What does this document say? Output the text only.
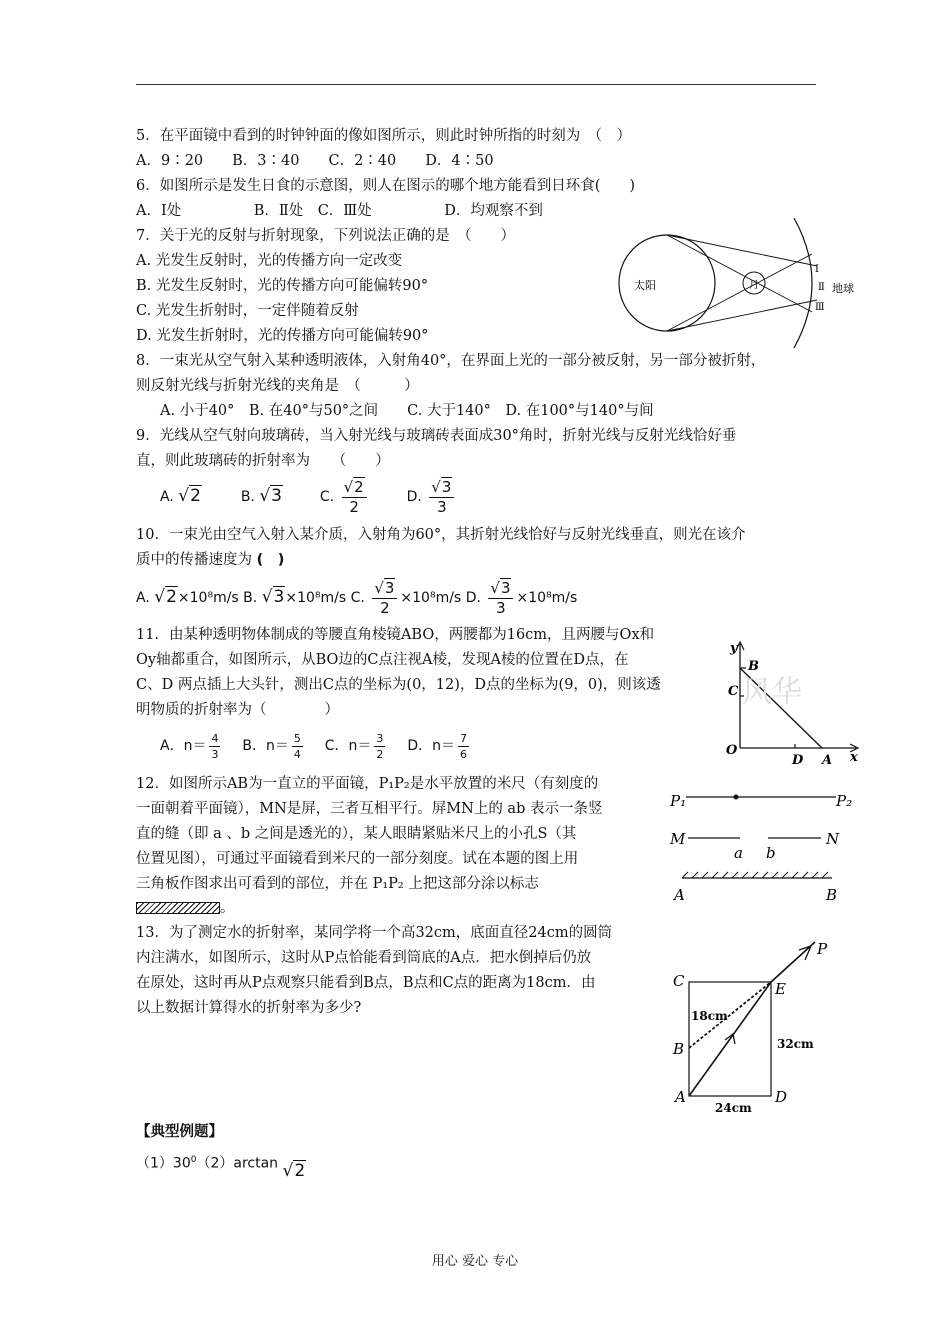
5．在平面镜中看到的时钟钟面的像如图所示，则此时钟所指的时刻为　（　）
A．9∶20　　B．3∶40　　C．2∶40　　D．4∶50
6．如图所示是发生日食的示意图，则人在图示的哪个地方能看到日环食(　　)
A．Ⅰ处　　　　　B．Ⅱ处　C．Ⅲ处　　　　　D．均观察不到
7．关于光的反射与折射现象，下列说法正确的是　（　　）
A. 光发生反射时，光的传播方向一定改变
B. 光发生反射时，光的传播方向可能偏转90°
C. 光发生折射时，一定伴随着反射
D. 光发生折射时，光的传播方向可能偏转90°
太阳	月
Ⅰ
Ⅱ
Ⅲ
地球
8．一束光从空气射入某种透明液体，入射角40°，在界面上光的一部分被反射，另一部分被折射，
则反射光线与折射光线的夹角是　（　　　）
A. 小于40°　B. 在40°与50°之间　　C. 大于140°　D. 在100°与140°与间
9．光线从空气射向玻璃砖，当入射光线与玻璃砖表面成30°角时，折射光线与反射光线恰好垂
直，则此玻璃砖的折射率为　　（　　）
A. √2	B. √3	C. $\frac{√2}{2}$	D. $\frac{√3}{3}$
10．一束光由空气入射入某介质，入射角为60°，其折射光线恰好与反射光线垂直，则光在该介
质中的传播速度为 (　)
A. √2×10⁸m/s B. √3×10⁸m/s C. $\frac{√3}{2} \times 10^8m/s$ D. $\frac{√3}{3} \times 10^8m/s$
11．由某种透明物体制成的等腰直角棱镜ABO，两腰都为16cm，且两腰与Ox和
Oy轴都重合，如图所示，从BO边的C点注视A棱，发现A棱的位置在D点，在
C、D 两点插上大头针，测出C点的坐标为(0，12)，D点的坐标为(9，0)，则该透
明物质的折射率为（　　　　）
A．$n= \frac{4}{3}$ B．$n= \frac{5}{4}$ C．$n= \frac{3}{2}$ D．$n= \frac{7}{6}$
风华
y
B
C
O
D A x
12．如图所示AB为一直立的平面镜，P₁P₂是水平放置的米尺（有刻度的
一面朝着平面镜），MN是屏，三者互相平行。屏MN上的 ab 表示一条竖
直的缝（即 a 、b 之间是透光的），某人眼睛紧贴米尺上的小孔S（其
位置见图），可通过平面镜看到米尺的一部分刻度。试在本题的图上用
三角板作图求出可看到的部位，并在 P₁P₂ 上把这部分涂以标志
。
P₁	P₂
M	N
a b
A	B
13．为了测定水的折射率，某同学将一个高32cm，底面直径24cm的圆筒
内注满水，如图所示，这时从P点恰能看到筒底的A点．把水倒掉后仍放
在原处，这时再从P点观察只能看到B点，B点和C点的距离为18cm．由
以上数据计算得水的折射率为多少?
C	E
P
B
A	D
18cm
32cm
24cm
【典型例题】
$(1)30^0(2)\arctan$ √2
用心 爱心 专心
